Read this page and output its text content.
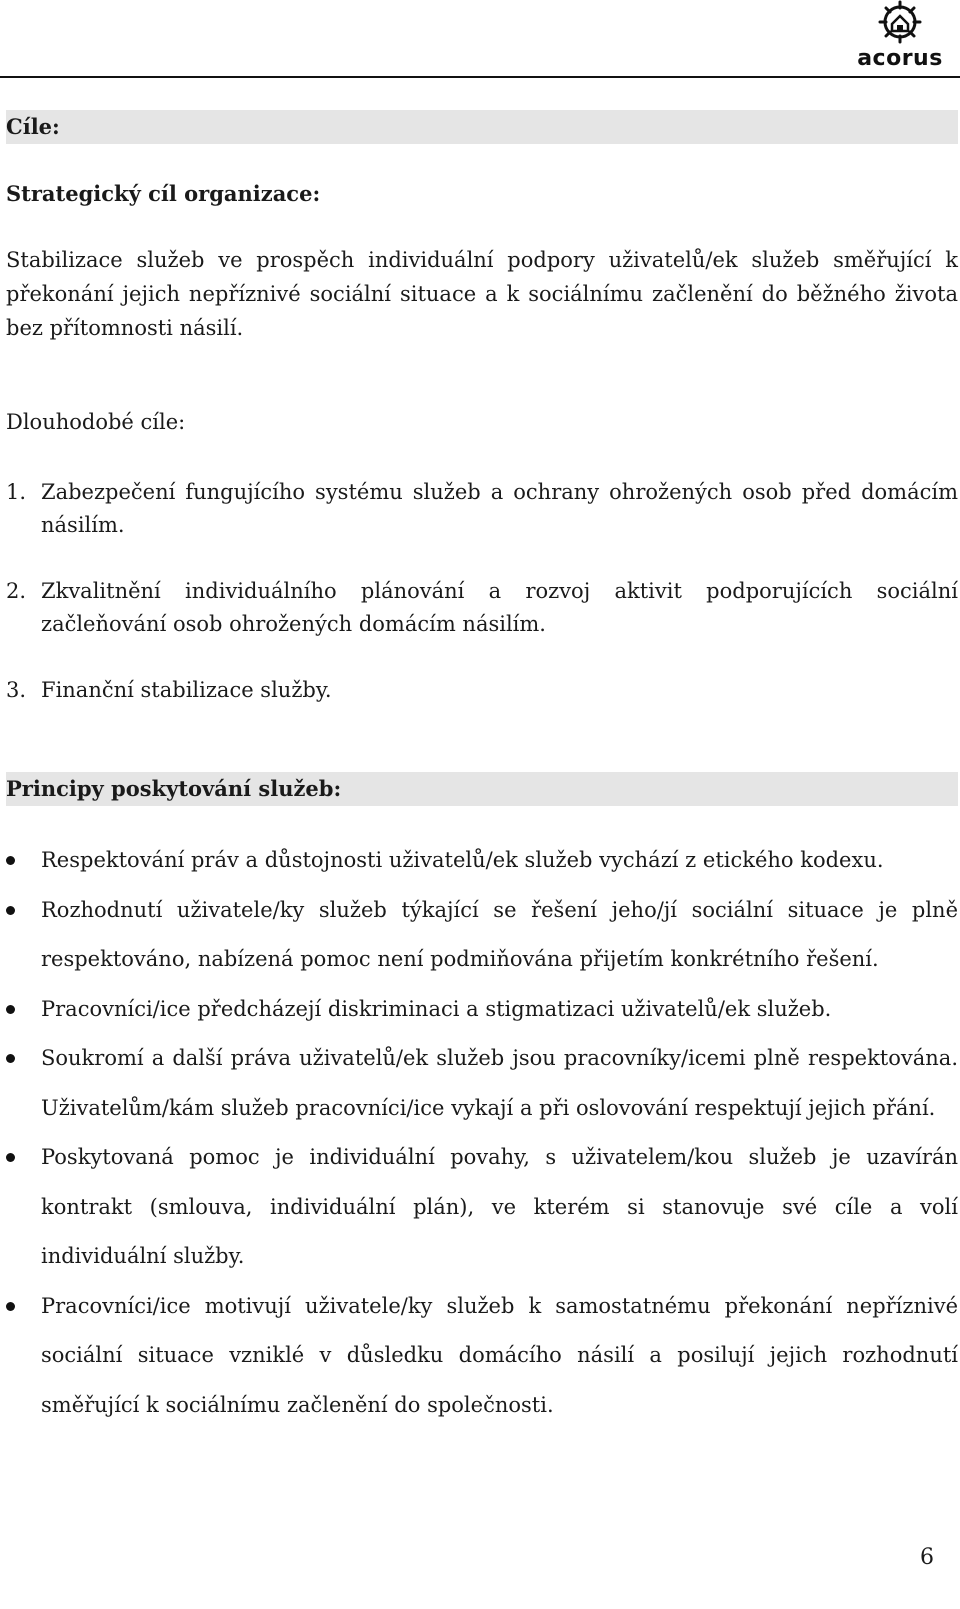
acorus
Cíle:
Strategický cíl organizace:
Stabilizace služeb ve prospěch individuální podpory uživatelů/ek služeb směřující k překonání jejich nepříznivé sociální situace a k sociálnímu začlenění do běžného života bez přítomnosti násilí.
Dlouhodobé cíle:
1. Zabezpečení fungujícího systému služeb a ochrany ohrožených osob před domácím násilím.
2. Zkvalitnění individuálního plánování a rozvoj aktivit podporujících sociální začleňování osob ohrožených domácím násilím.
3. Finanční stabilizace služby.
Principy poskytování služeb:
Respektování práv a důstojnosti uživatelů/ek služeb vychází z etického kodexu.
Rozhodnutí uživatele/ky služeb týkající se řešení jeho/jí sociální situace je plně respektováno, nabízená pomoc není podmiňována přijetím konkrétního řešení.
Pracovníci/ice předcházejí diskriminaci a stigmatizaci uživatelů/ek služeb.
Soukromí a další práva uživatelů/ek služeb jsou pracovníky/icemi plně respektována. Uživatelům/kám služeb pracovníci/ice vykají a při oslovování respektují jejich přání.
Poskytovaná pomoc je individuální povahy, s uživatelem/kou služeb je uzavírán kontrakt (smlouva, individuální plán), ve kterém si stanovuje své cíle a volí individuální služby.
Pracovníci/ice motivují uživatele/ky služeb k samostatnému překonání nepříznivé sociální situace vzniklé v důsledku domácího násilí a posilují jejich rozhodnutí směřující k sociálnímu začlenění do společnosti.
6
